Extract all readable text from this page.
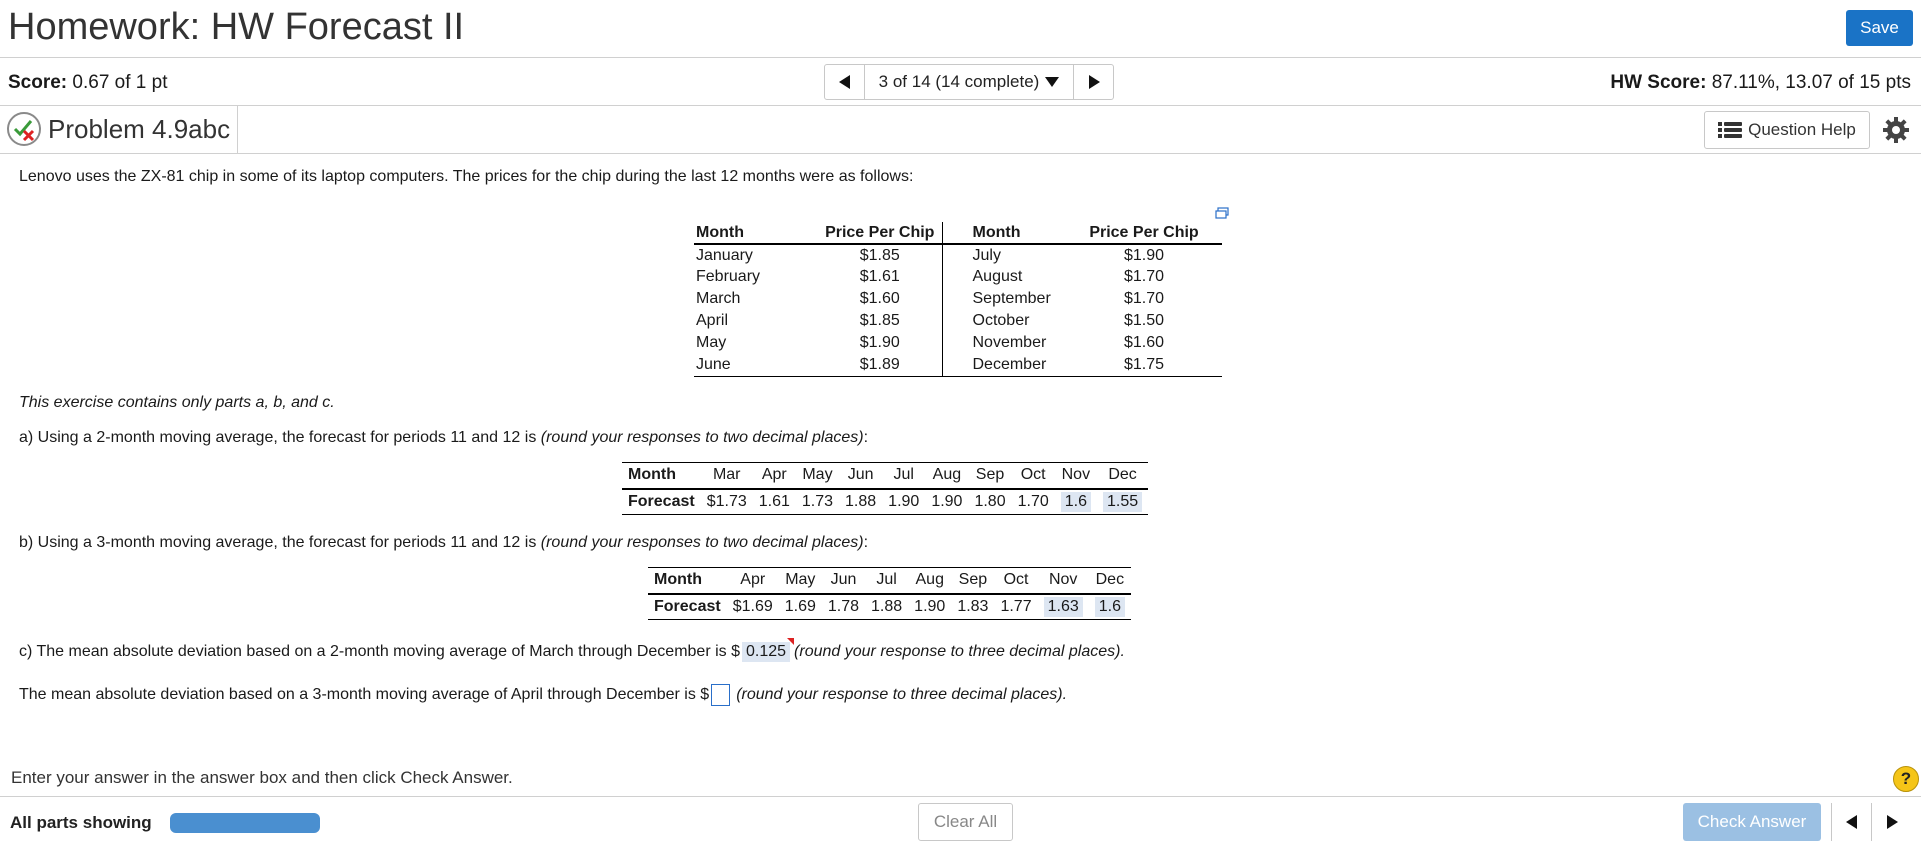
Homework: HW Forecast II	Save
Score: 0.67 of 1 pt	3 of 14 (14 complete)	HW Score: 87.11%, 13.07 of 15 pts
Problem 4.9abc	Question Help
Lenovo uses the ZX-81 chip in some of its laptop computers. The prices for the chip during the last 12 months were as follows:
Month	Price Per Chip	Month	Price Per Chip
January	$1.85	July	$1.90
February	$1.61	August	$1.70
March	$1.60	September	$1.70
April	$1.85	October	$1.50
May	$1.90	November	$1.60
June	$1.89	December	$1.75
This exercise contains only parts a, b, and c.
a) Using a 2-month moving average, the forecast for periods 11 and 12 is (round your responses to two decimal places):
Month	Mar	Apr	May	Jun	Jul	Aug	Sep	Oct	Nov	Dec
Forecast	$1.73	1.61	1.73	1.88	1.90	1.90	1.80	1.70	1.6	1.55
b) Using a 3-month moving average, the forecast for periods 11 and 12 is (round your responses to two decimal places):
Month	Apr	May	Jun	Jul	Aug	Sep	Oct	Nov	Dec
Forecast	$1.69	1.69	1.78	1.88	1.90	1.83	1.77	1.63	1.6
c) The mean absolute deviation based on a 2-month moving average of March through December is $ 0.125 (round your response to three decimal places).
The mean absolute deviation based on a 3-month moving average of April through December is $ (round your response to three decimal places).
Enter your answer in the answer box and then click Check Answer.	?
All parts showing	Clear All	Check Answer
